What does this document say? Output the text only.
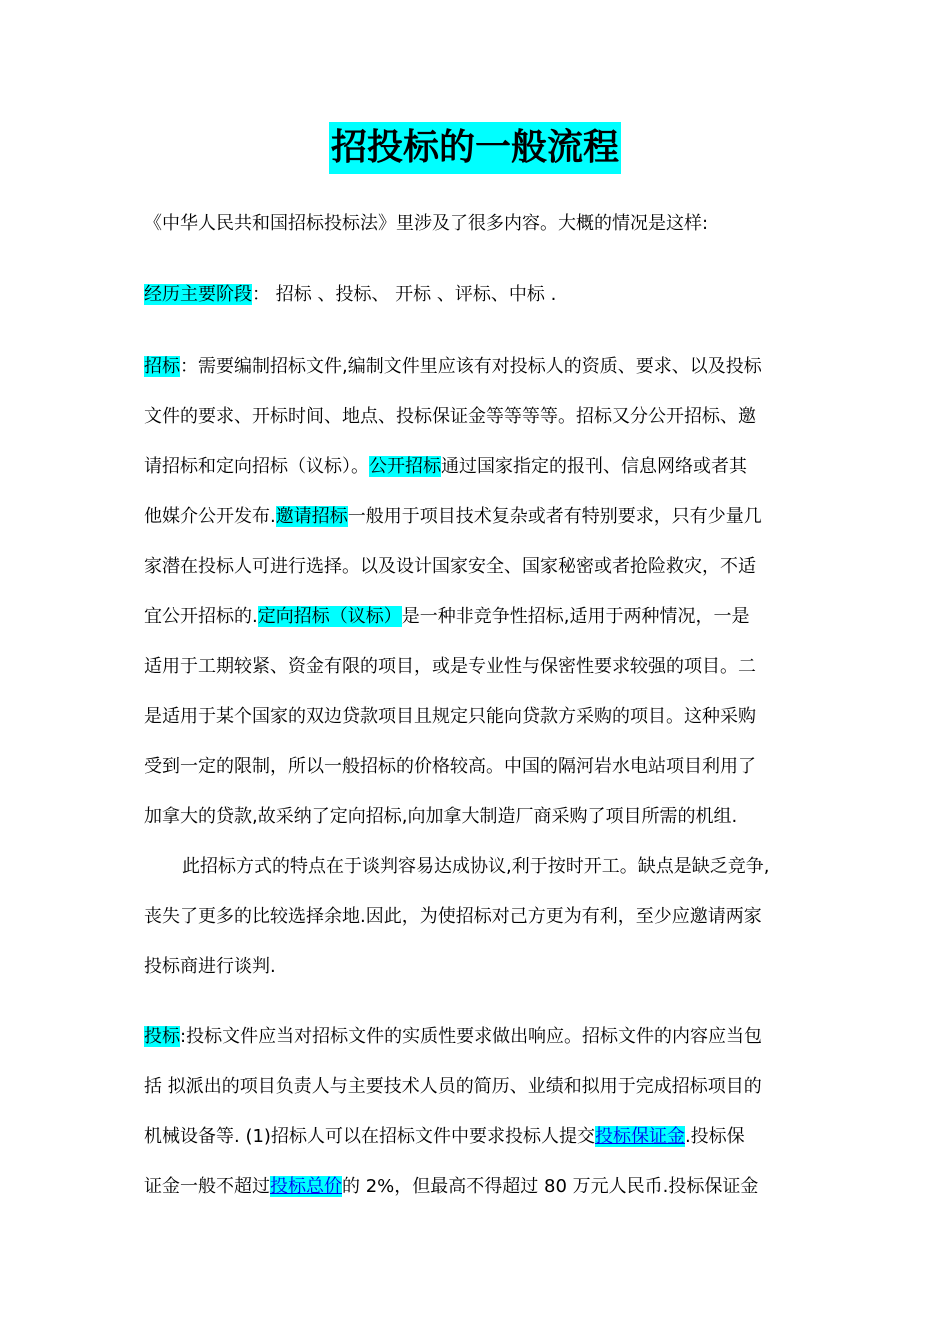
招投标的一般流程
《中华人民共和国招标投标法》里涉及了很多内容。大概的情况是这样:
经历主要阶段： 招标 、投标、 开标 、评标、中标 .
招标：需要编制招标文件,编制文件里应该有对投标人的资质、要求、以及投标
文件的要求、开标时间、地点、投标保证金等等等等。招标又分公开招标、邀
请招标和定向招标（议标）。公开招标通过国家指定的报刊、信息网络或者其
他媒介公开发布.邀请招标一般用于项目技术复杂或者有特别要求，只有少量几
家潜在投标人可进行选择。以及设计国家安全、国家秘密或者抢险救灾，不适
宜公开招标的.定向招标（议标）是一种非竞争性招标,适用于两种情况，一是
适用于工期较紧、资金有限的项目，或是专业性与保密性要求较强的项目。二
是适用于某个国家的双边贷款项目且规定只能向贷款方采购的项目。这种采购
受到一定的限制，所以一般招标的价格较高。中国的隔河岩水电站项目利用了
加拿大的贷款,故采纳了定向招标,向加拿大制造厂商采购了项目所需的机组.
此招标方式的特点在于谈判容易达成协议,利于按时开工。缺点是缺乏竞争,
丧失了更多的比较选择余地.因此，为使招标对己方更为有利，至少应邀请两家
投标商进行谈判.
投标:投标文件应当对招标文件的实质性要求做出响应。招标文件的内容应当包
括 拟派出的项目负责人与主要技术人员的简历、业绩和拟用于完成招标项目的
机械设备等. (1)招标人可以在招标文件中要求投标人提交投标保证金.投标保
证金一般不超过投标总价的 2%，但最高不得超过 80 万元人民币.投标保证金
